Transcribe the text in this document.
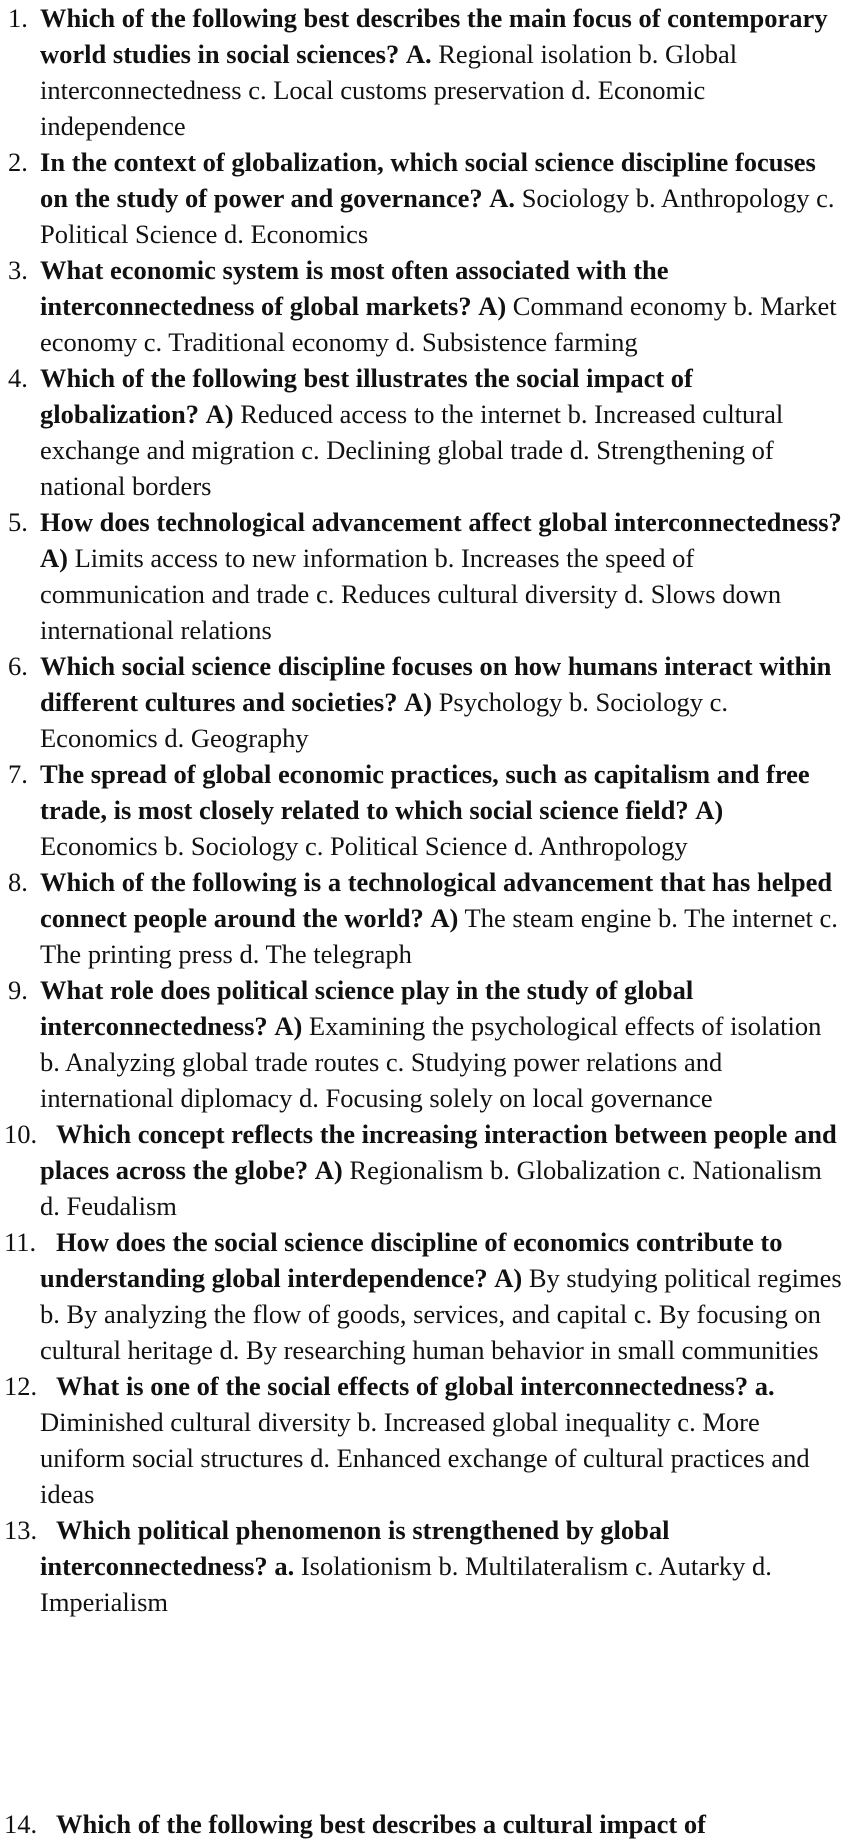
1. Which of the following best describes the main focus of contemporary world studies in social sciences? A. Regional isolation b. Global interconnectedness c. Local customs preservation d. Economic independence
2. In the context of globalization, which social science discipline focuses on the study of power and governance? A. Sociology b. Anthropology c. Political Science d. Economics
3. What economic system is most often associated with the interconnectedness of global markets? A) Command economy b. Market economy c. Traditional economy d. Subsistence farming
4. Which of the following best illustrates the social impact of globalization? A) Reduced access to the internet b. Increased cultural exchange and migration c. Declining global trade d. Strengthening of national borders
5. How does technological advancement affect global interconnectedness? A) Limits access to new information b. Increases the speed of communication and trade c. Reduces cultural diversity d. Slows down international relations
6. Which social science discipline focuses on how humans interact within different cultures and societies? A) Psychology b. Sociology c. Economics d. Geography
7. The spread of global economic practices, such as capitalism and free trade, is most closely related to which social science field? A) Economics b. Sociology c. Political Science d. Anthropology
8. Which of the following is a technological advancement that has helped connect people around the world? A) The steam engine b. The internet c. The printing press d. The telegraph
9. What role does political science play in the study of global interconnectedness? A) Examining the psychological effects of isolation b. Analyzing global trade routes c. Studying power relations and international diplomacy d. Focusing solely on local governance
10. Which concept reflects the increasing interaction between people and places across the globe? A) Regionalism b. Globalization c. Nationalism d. Feudalism
11. How does the social science discipline of economics contribute to understanding global interdependence? A) By studying political regimes b. By analyzing the flow of goods, services, and capital c. By focusing on cultural heritage d. By researching human behavior in small communities
12. What is one of the social effects of global interconnectedness? a. Diminished cultural diversity b. Increased global inequality c. More uniform social structures d. Enhanced exchange of cultural practices and ideas
13. Which political phenomenon is strengthened by global interconnectedness? a. Isolationism b. Multilateralism c. Autarky d. Imperialism
14. Which of the following best describes a cultural impact of
